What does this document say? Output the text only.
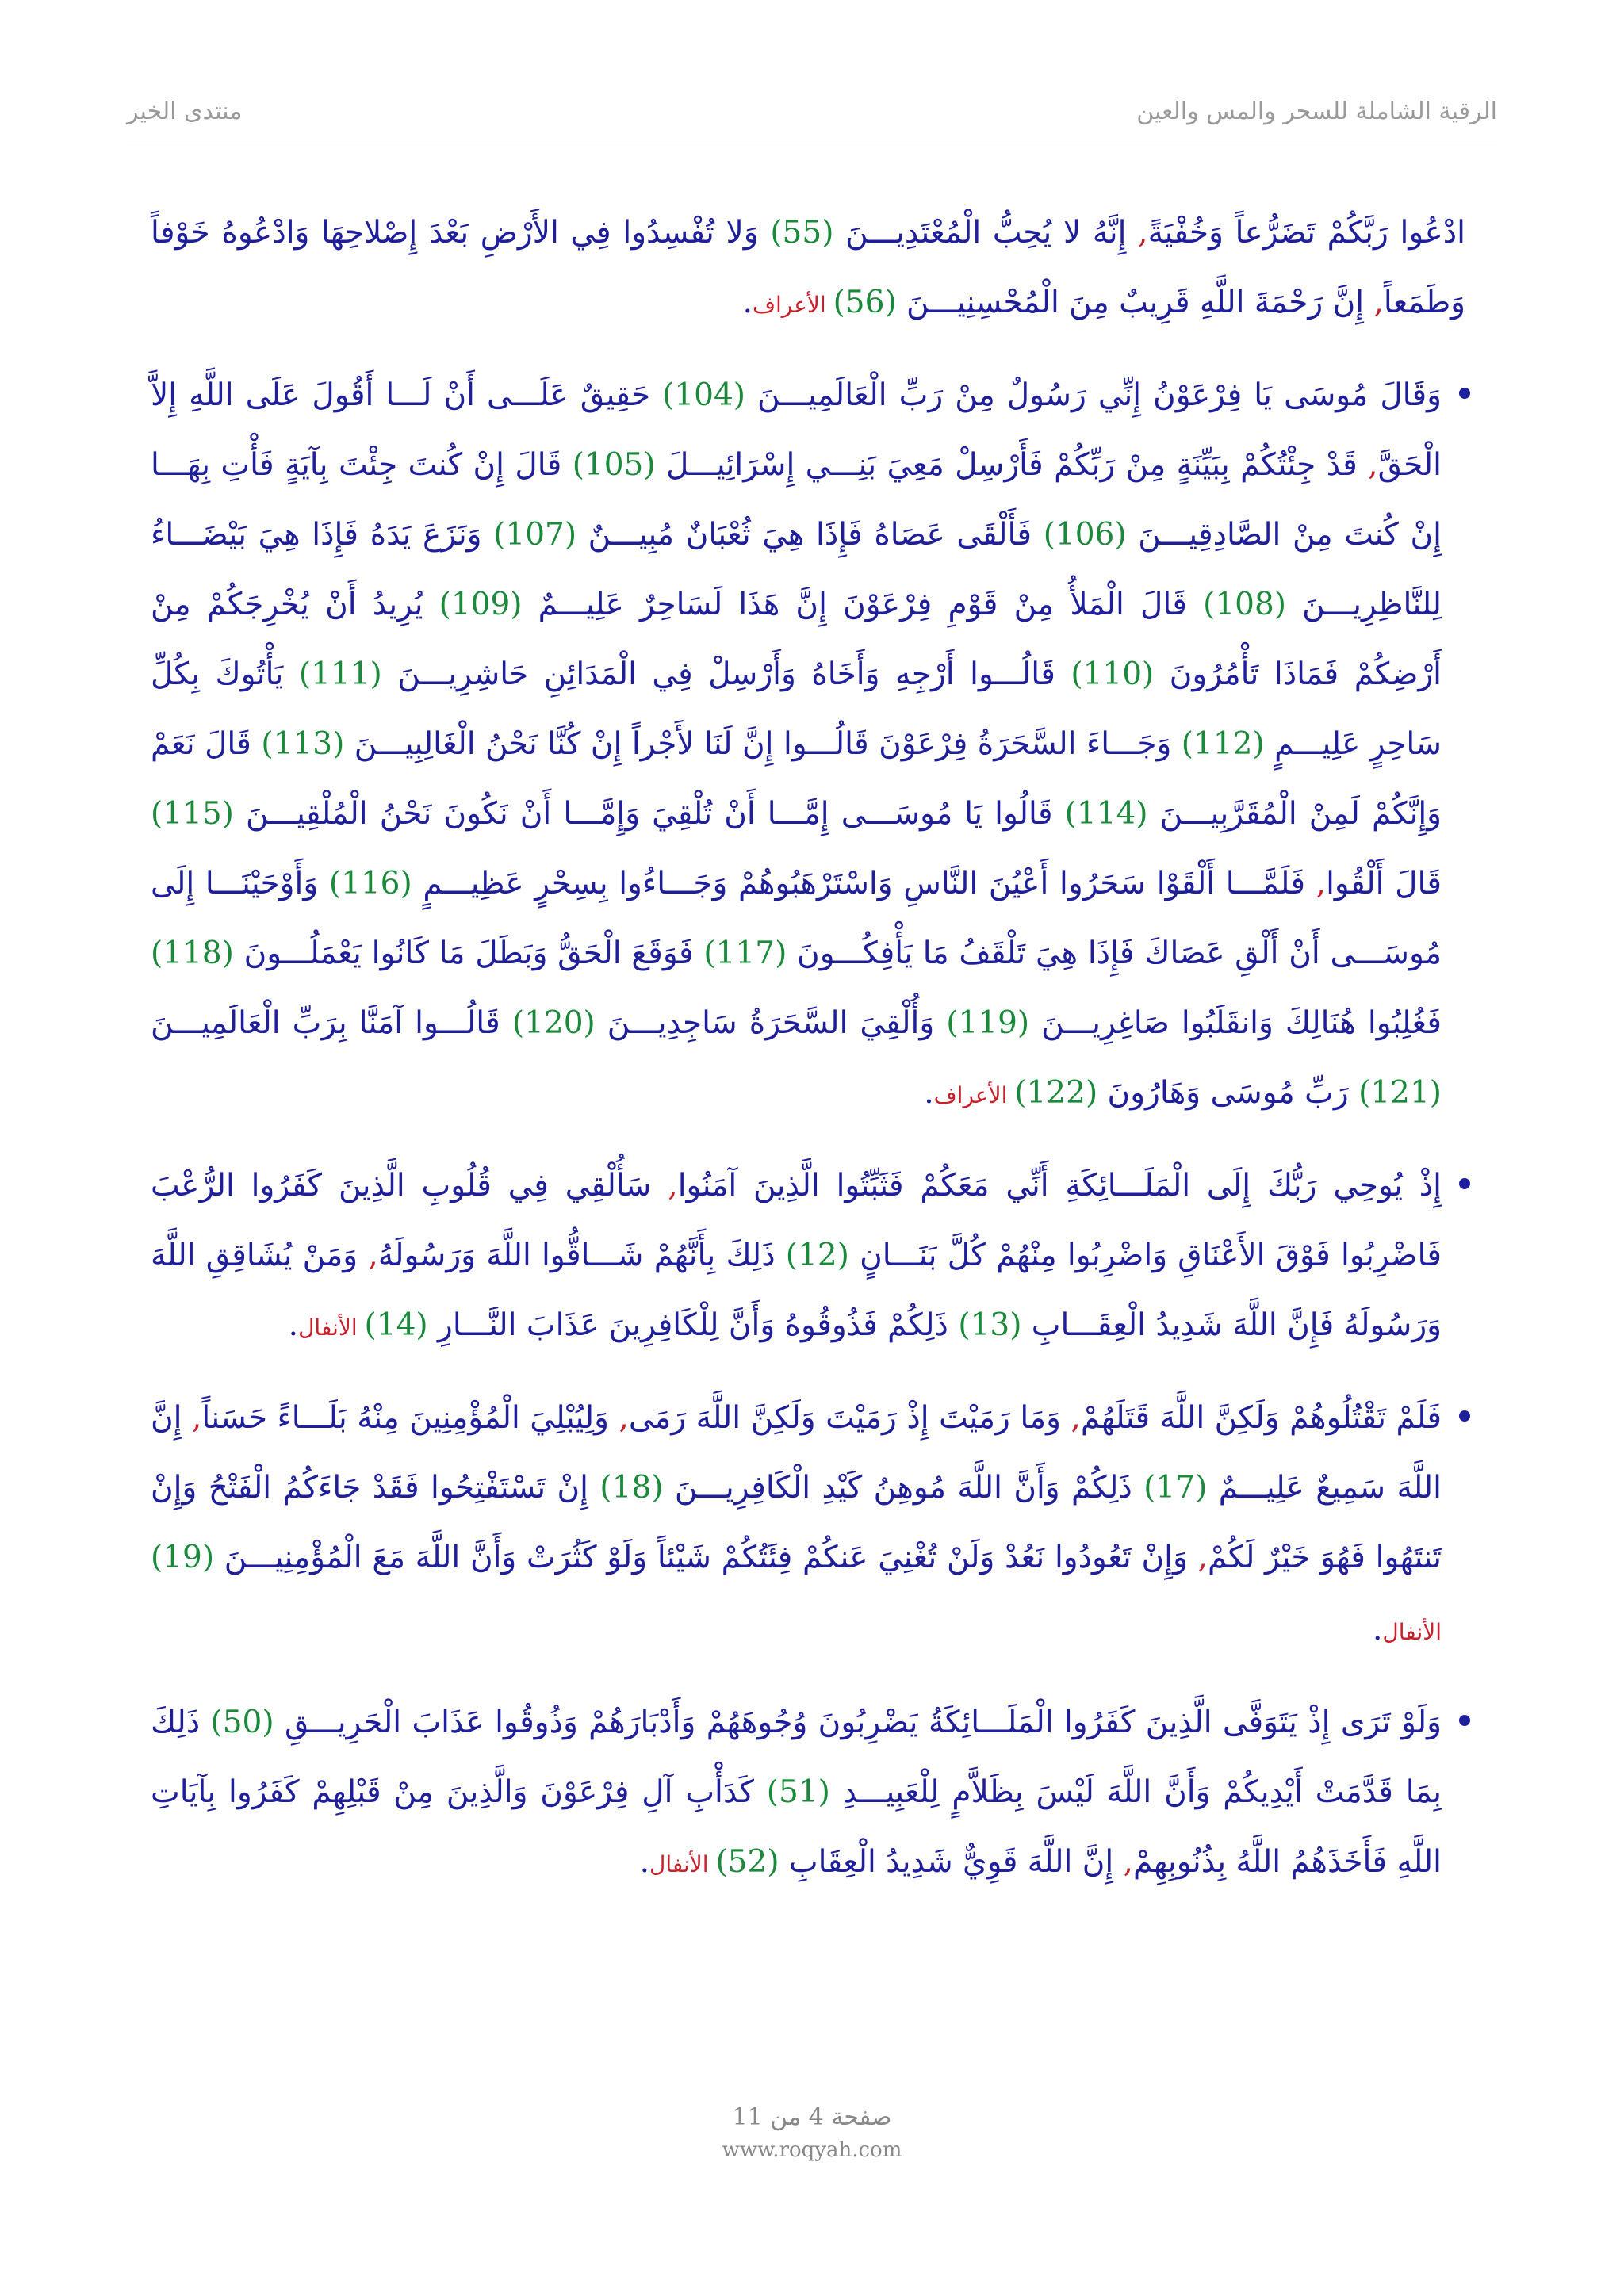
منتدى الخير	الرقية الشاملة للسحر والمس والعين
ادْعُوا رَبَّكُمْ تَضَرُّعاً وَخُفْيَةً, إِنَّهُ لا يُحِبُّ الْمُعْتَدِيـــنَ (55) وَلا تُفْسِدُوا فِي الأَرْضِ بَعْدَ إِصْلاحِهَا وَادْعُوهُ خَوْفاً وَطَمَعاً, إِنَّ رَحْمَةَ اللَّهِ قَرِيبٌ مِنَ الْمُحْسِنِيـــنَ (56) الأعراف.
وَقَالَ مُوسَى يَا فِرْعَوْنُ إِنِّي رَسُولٌ مِنْ رَبِّ الْعَالَمِيـــنَ (104) حَقِيقٌ عَلَـــى أَنْ لَـــا أَقُولَ عَلَى اللَّهِ إِلاَّ الْحَقَّ, قَدْ جِئْتُكُمْ بِبَيِّنَةٍ مِنْ رَبِّكُمْ فَأَرْسِلْ مَعِيَ بَنِـــي إِسْرَائِيـــلَ (105) قَالَ إِنْ كُنتَ جِئْتَ بِآيَةٍ فَأْتِ بِهَـــا إِنْ كُنتَ مِنْ الصَّادِقِيـــنَ (106) فَأَلْقَى عَصَاهُ فَإِذَا هِيَ ثُعْبَانٌ مُبِيـــنٌ (107) وَنَزَعَ يَدَهُ فَإِذَا هِيَ بَيْضَـــاءُ لِلنَّاظِرِيـــنَ (108) قَالَ الْمَلأُ مِنْ قَوْمِ فِرْعَوْنَ إِنَّ هَذَا لَسَاحِرٌ عَلِيـــمٌ (109) يُرِيدُ أَنْ يُخْرِجَكُمْ مِنْ أَرْضِكُمْ فَمَاذَا تَأْمُرُونَ (110) قَالُـــوا أَرْجِهِ وَأَخَاهُ وَأَرْسِلْ فِي الْمَدَائِنِ حَاشِرِيـــنَ (111) يَأْتُوكَ بِكُلِّ سَاحِرٍ عَلِيـــمٍ (112) وَجَـــاءَ السَّحَرَةُ فِرْعَوْنَ قَالُـــوا إِنَّ لَنَا لأَجْراً إِنْ كُنَّا نَحْنُ الْغَالِبِيـــنَ (113) قَالَ نَعَمْ وَإِنَّكُمْ لَمِنْ الْمُقَرَّبِيـــنَ (114) قَالُوا يَا مُوسَـــى إِمَّـــا أَنْ تُلْقِيَ وَإِمَّـــا أَنْ نَكُونَ نَحْنُ الْمُلْقِيـــنَ (115) قَالَ أَلْقُوا, فَلَمَّـــا أَلْقَوْا سَحَرُوا أَعْيُنَ النَّاسِ وَاسْتَرْهَبُوهُمْ وَجَـــاءُوا بِسِحْرٍ عَظِيـــمٍ (116) وَأَوْحَيْنَـــا إِلَى مُوسَـــى أَنْ أَلْقِ عَصَاكَ فَإِذَا هِيَ تَلْقَفُ مَا يَأْفِكُـــونَ (117) فَوَقَعَ الْحَقُّ وَبَطَلَ مَا كَانُوا يَعْمَلُـــونَ (118) فَغُلِبُوا هُنَالِكَ وَانقَلَبُوا صَاغِرِيـــنَ (119) وَأُلْقِيَ السَّحَرَةُ سَاجِدِيـــنَ (120) قَالُـــوا آمَنَّا بِرَبِّ الْعَالَمِيـــنَ (121) رَبِّ مُوسَى وَهَارُونَ (122) الأعراف.
إِذْ يُوحِي رَبُّكَ إِلَى الْمَلَـــائِكَةِ أَنِّي مَعَكُمْ فَثَبِّتُوا الَّذِينَ آمَنُوا, سَأُلْقِي فِي قُلُوبِ الَّذِينَ كَفَرُوا الرُّعْبَ فَاضْرِبُوا فَوْقَ الأَعْنَاقِ وَاضْرِبُوا مِنْهُمْ كُلَّ بَنَـــانٍ (12) ذَلِكَ بِأَنَّهُمْ شَـــاقُّوا اللَّهَ وَرَسُولَهُ, وَمَنْ يُشَاقِقِ اللَّهَ وَرَسُولَهُ فَإِنَّ اللَّهَ شَدِيدُ الْعِقَـــابِ (13) ذَلِكُمْ فَذُوقُوهُ وَأَنَّ لِلْكَافِرِينَ عَذَابَ النَّـــارِ (14) الأنفال.
فَلَمْ تَقْتُلُوهُمْ وَلَكِنَّ اللَّهَ قَتَلَهُمْ, وَمَا رَمَيْتَ إِذْ رَمَيْتَ وَلَكِنَّ اللَّهَ رَمَى, وَلِيُبْلِيَ الْمُؤْمِنِينَ مِنْهُ بَلَـــاءً حَسَناً, إِنَّ اللَّهَ سَمِيعٌ عَلِيـــمٌ (17) ذَلِكُمْ وَأَنَّ اللَّهَ مُوهِنُ كَيْدِ الْكَافِرِيـــنَ (18) إِنْ تَسْتَفْتِحُوا فَقَدْ جَاءَكُمُ الْفَتْحُ وَإِنْ تَنتَهُوا فَهُوَ خَيْرٌ لَكُمْ, وَإِنْ تَعُودُوا نَعُدْ وَلَنْ تُغْنِيَ عَنكُمْ فِئَتُكُمْ شَيْئاً وَلَوْ كَثُرَتْ وَأَنَّ اللَّهَ مَعَ الْمُؤْمِنِيـــنَ (19) الأنفال.
وَلَوْ تَرَى إِذْ يَتَوَفَّى الَّذِينَ كَفَرُوا الْمَلَـــائِكَةُ يَضْرِبُونَ وُجُوهَهُمْ وَأَدْبَارَهُمْ وَذُوقُوا عَذَابَ الْحَرِيـــقِ (50) ذَلِكَ بِمَا قَدَّمَتْ أَيْدِيكُمْ وَأَنَّ اللَّهَ لَيْسَ بِظَلاَّمٍ لِلْعَبِيـــدِ (51) كَدَأْبِ آلِ فِرْعَوْنَ وَالَّذِينَ مِنْ قَبْلِهِمْ كَفَرُوا بِآيَاتِ اللَّهِ فَأَخَذَهُمُ اللَّهُ بِذُنُوبِهِمْ, إِنَّ اللَّهَ قَوِيٌّ شَدِيدُ الْعِقَابِ (52) الأنفال.
صفحة 4 من 11
www.roqyah.com
